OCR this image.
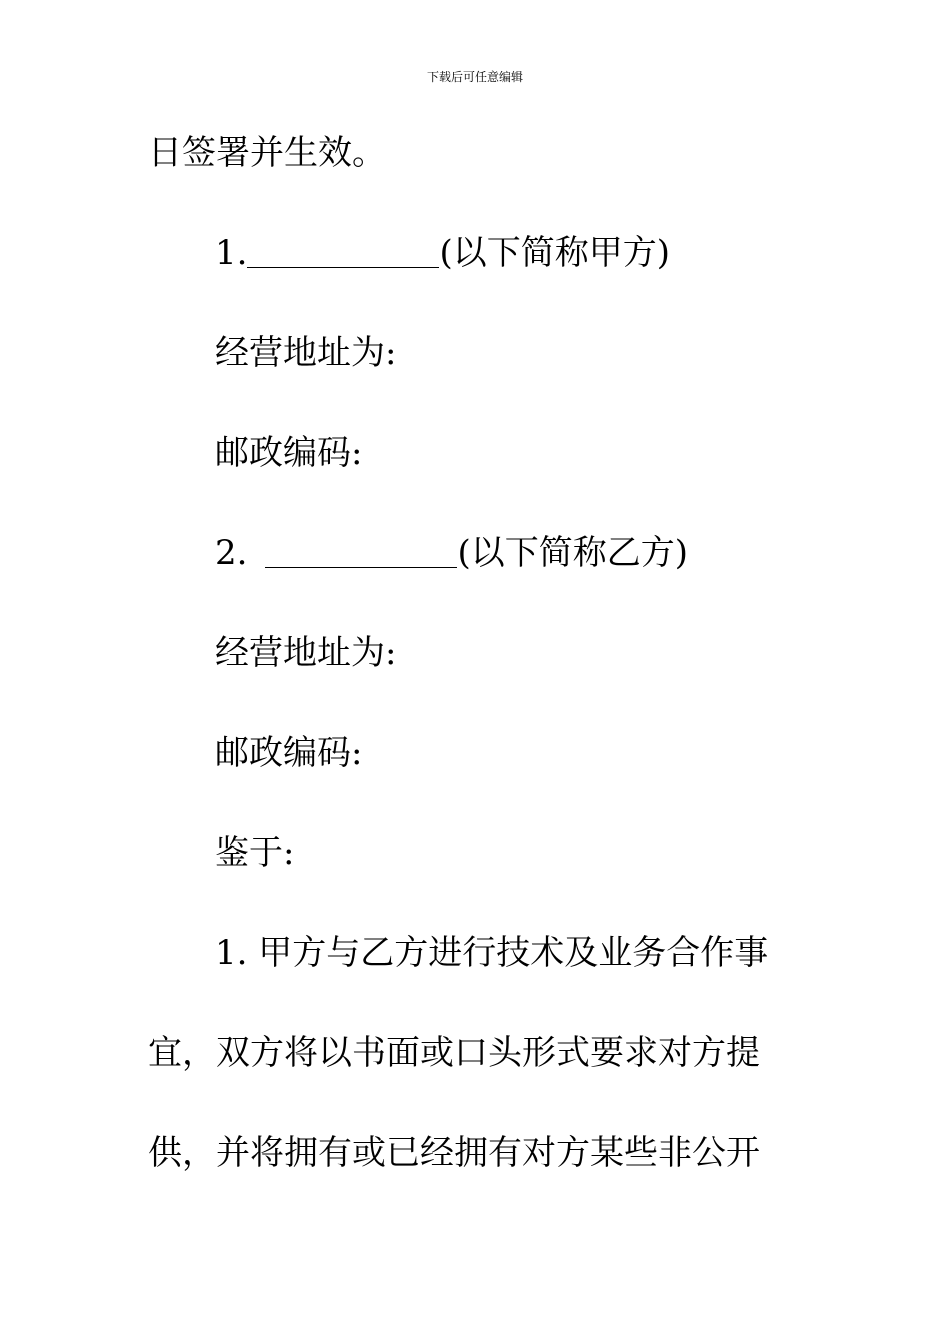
下载后可任意编辑
日签署并生效。
1.	(以下简称甲方)
经营地址为:
邮政编码:
2.	(以下简称乙方)
经营地址为:
邮政编码:
鉴于:
1. 甲方与乙方进行技术及业务合作事
宜，双方将以书面或口头形式要求对方提
供，并将拥有或已经拥有对方某些非公开
